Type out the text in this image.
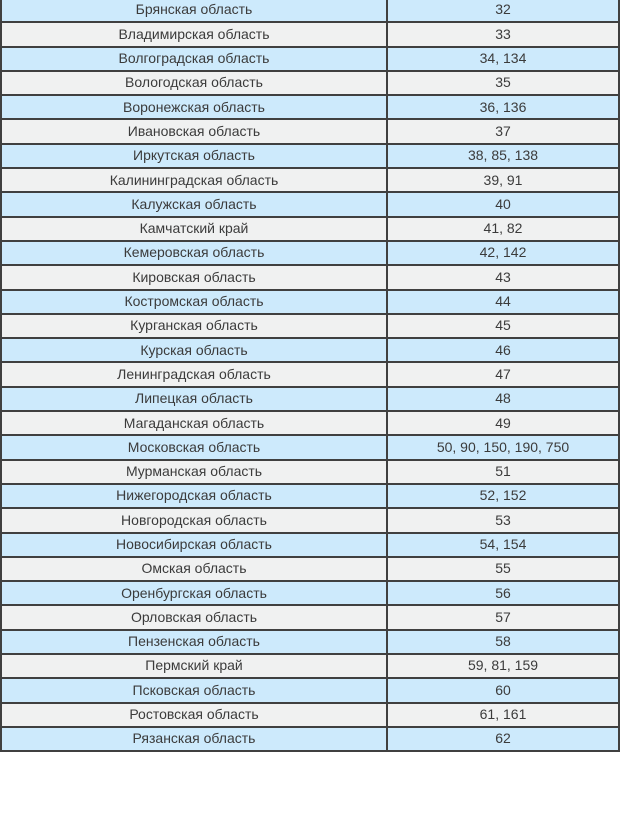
Брянская область	32
Владимирская область	33
Волгоградская область	34, 134
Вологодская область	35
Воронежская область	36, 136
Ивановская область	37
Иркутская область	38, 85, 138
Калининградская область	39, 91
Калужская область	40
Камчатский край	41, 82
Кемеровская область	42, 142
Кировская область	43
Костромская область	44
Курганская область	45
Курская область	46
Ленинградская область	47
Липецкая область	48
Магаданская область	49
Московская область	50, 90, 150, 190, 750
Мурманская область	51
Нижегородская область	52, 152
Новгородская область	53
Новосибирская область	54, 154
Омская область	55
Оренбургская область	56
Орловская область	57
Пензенская область	58
Пермский край	59, 81, 159
Псковская область	60
Ростовская область	61, 161
Рязанская область	62
